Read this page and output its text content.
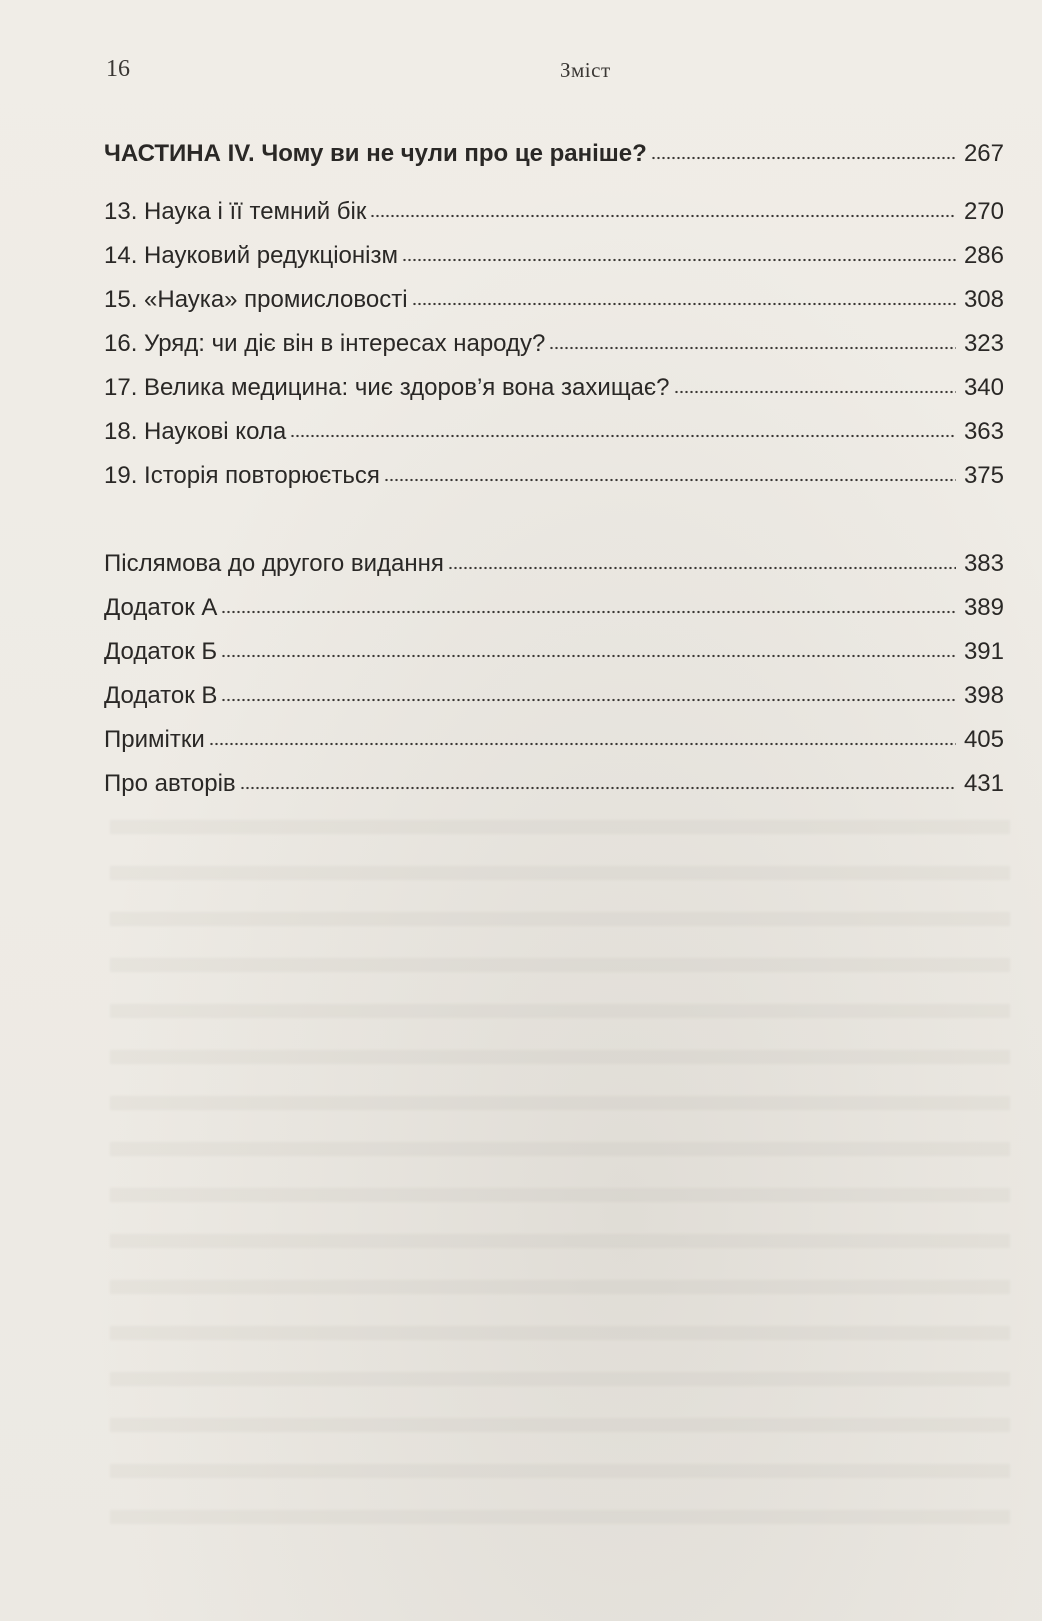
16	Зміст
ЧАСТИНА IV. Чому ви не чули про це раніше?	267
13. Наука і її темний бік	270
14. Науковий редукціонізм	286
15. «Наука» промисловості	308
16. Уряд: чи діє він в інтересах народу?	323
17. Велика медицина: чиє здоров’я вона захищає?	340
18. Наукові кола	363
19. Історія повторюється	375
Післямова до другого видання	383
Додаток А	389
Додаток Б	391
Додаток В	398
Примітки	405
Про авторів	431
